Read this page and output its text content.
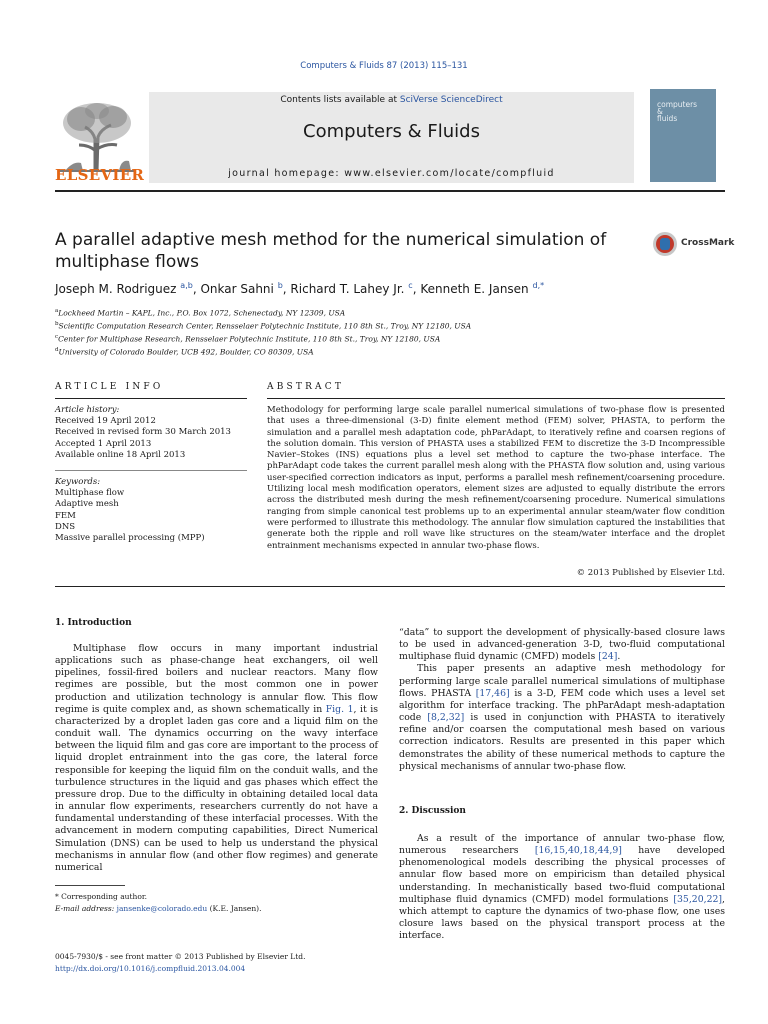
Computers & Fluids 87 (2013) 115–131
ELSEVIER
Contents lists available at SciVerse ScienceDirect
Computers & Fluids
journal homepage: www.elsevier.com/locate/compfluid
computers
&
fluids
A parallel adaptive mesh method for the numerical simulation of multiphase flows
CrossMark
Joseph M. Rodriguez $^{a,b}$, Onkar Sahni $^b$, Richard T. Lahey Jr. $^c$, Kenneth E. Jansen $^{d,*}$
$^a$Lockheed Martin – KAPL, Inc., P.O. Box 1072, Schenectady, NY 12309, USA
$^b$Scientific Computation Research Center, Rensselaer Polytechnic Institute, 110 8th St., Troy, NY 12180, USA
$^c$Center for Multiphase Research, Rensselaer Polytechnic Institute, 110 8th St., Troy, NY 12180, USA
$^d$University of Colorado Boulder, UCB 492, Boulder, CO 80309, USA
ARTICLE INFO
Article history:
Received 19 April 2012
Received in revised form 30 March 2013
Accepted 1 April 2013
Available online 18 April 2013
Keywords:
Multiphase flow
Adaptive mesh
FEM
DNS
Massive parallel processing (MPP)
ABSTRACT
Methodology for performing large scale parallel numerical simulations of two-phase flow is presented that uses a three-dimensional (3-D) finite element method (FEM) solver, PHASTA, to perform the simulation and a parallel mesh adaptation code, phParAdapt, to iteratively refine and coarsen regions of the solution domain. This version of PHASTA uses a stabilized FEM to discretize the 3-D Incompressible Navier–Stokes (INS) equations plus a level set method to capture the two-phase interface. The phParAdapt code takes the current parallel mesh along with the PHASTA flow solution and, using various user-specified correction indicators as input, performs a parallel mesh refinement/coarsening procedure. Utilizing local mesh modification operators, element sizes are adjusted to equally distribute the errors across the distributed mesh during the mesh refinement/coarsening procedure. Numerical simulations ranging from simple canonical test problems up to an experimental annular steam/water flow condition were performed to illustrate this methodology. The annular flow simulation captured the instabilities that generate both the ripple and roll wave like structures on the steam/water interface and the droplet entrainment mechanisms expected in annular two-phase flows.
© 2013 Published by Elsevier Ltd.
1. Introduction

Multiphase flow occurs in many important industrial applications such as phase-change heat exchangers, oil well pipelines, fossil-fired boilers and nuclear reactors. Many flow regimes are possible, but the most common one in power production and utilization technology is annular flow. This flow regime is quite complex and, as shown schematically in Fig. 1, it is characterized by a droplet laden gas core and a liquid film on the conduit wall. The dynamics occurring on the wavy interface between the liquid film and gas core are important to the process of liquid droplet entrainment into the gas core, the lateral force responsible for keeping the liquid film on the conduit walls, and the turbulence structures in the liquid and gas phases which effect the pressure drop. Due to the difficulty in obtaining detailed local data in annular flow experiments, researchers currently do not have a fundamental understanding of these interfacial processes. With the advancement in modern computing capabilities, Direct Numerical Simulation (DNS) can be used to help us understand the physical mechanisms in annular flow (and other flow regimes) and generate numerical

“data” to support the development of physically-based closure laws to be used in advanced-generation 3-D, two-fluid computational multiphase fluid dynamic (CMFD) models [24].

This paper presents an adaptive mesh methodology for performing large scale parallel numerical simulations of multiphase flows. PHASTA [17,46] is a 3-D, FEM code which uses a level set algorithm for interface tracking. The phParAdapt mesh-adaptation code [8,2,32] is used in conjunction with PHASTA to iteratively refine and/or coarsen the computational mesh based on various correction indicators. Results are presented in this paper which demonstrates the ability of these numerical methods to capture the physical mechanisms of annular two-phase flow.

2. Discussion

As a result of the importance of annular two-phase flow, numerous researchers [16,15,40,18,44,9] have developed phenomenological models describing the physical processes of annular flow based more on empiricism than detailed physical understanding. In mechanistically based two-fluid computational multiphase fluid dynamics (CMFD) model formulations [35,20,22], which attempt to capture the dynamics of two-phase flow, one uses closure laws based on the physical transport process at the interface.

* Corresponding author.
E-mail address: jansenke@colorado.edu (K.E. Jansen).
0045-7930/$ - see front matter © 2013 Published by Elsevier Ltd.
http://dx.doi.org/10.1016/j.compfluid.2013.04.004
